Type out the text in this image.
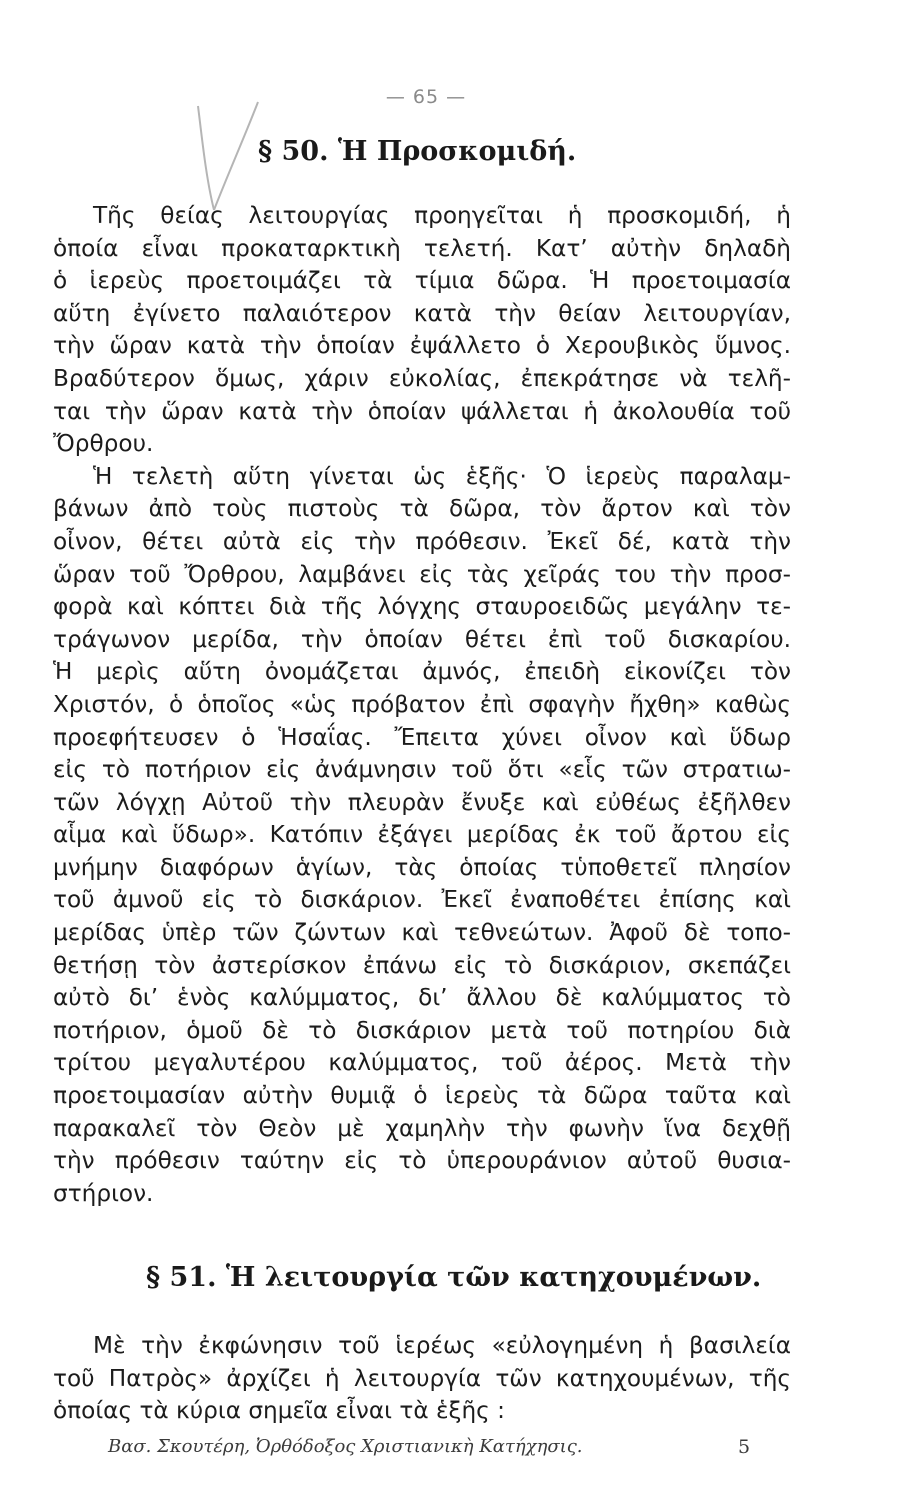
— 65 —
§ 50. Ἡ Προσκομιδή.
Τῆς θείας λειτουργίας προηγεῖται ἡ προσκομιδή, ἡ
ὁποία εἶναι προκαταρκτικὴ τελετή. Κατ’ αὐτὴν δηλαδὴ
ὁ ἱερεὺς προετοιμάζει τὰ τίμια δῶρα. Ἡ προετοιμασία
αὕτη ἐγίνετο παλαιότερον κατὰ τὴν θείαν λειτουργίαν,
τὴν ὥραν κατὰ τὴν ὁποίαν ἐψάλλετο ὁ Χερουβικὸς ὕμνος.
Βραδύτερον ὅμως, χάριν εὐκολίας, ἐπεκράτησε νὰ τελῆ-
ται τὴν ὥραν κατὰ τὴν ὁποίαν ψάλλεται ἡ ἀκολουθία τοῦ
Ὄρθρου.
Ἡ τελετὴ αὕτη γίνεται ὡς ἑξῆς· Ὁ ἱερεὺς παραλαμ-
βάνων ἀπὸ τοὺς πιστοὺς τὰ δῶρα, τὸν ἄρτον καὶ τὸν
οἶνον, θέτει αὐτὰ εἰς τὴν πρόθεσιν. Ἐκεῖ δέ, κατὰ τὴν
ὥραν τοῦ Ὄρθρου, λαμβάνει εἰς τὰς χεῖράς του τὴν προσ-
φορὰ καὶ κόπτει διὰ τῆς λόγχης σταυροειδῶς μεγάλην τε-
τράγωνον μερίδα, τὴν ὁποίαν θέτει ἐπὶ τοῦ δισκαρίου.
Ἡ μερὶς αὕτη ὀνομάζεται ἀμνός, ἐπειδὴ εἰκονίζει τὸν
Χριστόν, ὁ ὁποῖος «ὡς πρόβατον ἐπὶ σφαγὴν ἤχθη» καθὼς
προεφήτευσεν ὁ Ἡσαΐας. Ἔπειτα χύνει οἶνον καὶ ὕδωρ
εἰς τὸ ποτήριον εἰς ἀνάμνησιν τοῦ ὅτι «εἷς τῶν στρατιω-
τῶν λόγχῃ Αὐτοῦ τὴν πλευρὰν ἔνυξε καὶ εὐθέως ἐξῆλθεν
αἷμα καὶ ὕδωρ». Κατόπιν ἐξάγει μερίδας ἐκ τοῦ ἄρτου εἰς
μνήμην διαφόρων ἁγίων, τὰς ὁποίας τὑποθετεῖ πλησίον
τοῦ ἀμνοῦ εἰς τὸ δισκάριον. Ἐκεῖ ἐναποθέτει ἐπίσης καὶ
μερίδας ὑπὲρ τῶν ζώντων καὶ τεθνεώτων. Ἀφοῦ δὲ τοπο-
θετήσῃ τὸν ἀστερίσκον ἐπάνω εἰς τὸ δισκάριον, σκεπάζει
αὐτὸ δι’ ἑνὸς καλύμματος, δι’ ἄλλου δὲ καλύμματος τὸ
ποτήριον, ὁμοῦ δὲ τὸ δισκάριον μετὰ τοῦ ποτηρίου διὰ
τρίτου μεγαλυτέρου καλύμματος, τοῦ ἀέρος. Μετὰ τὴν
προετοιμασίαν αὐτὴν θυμιᾷ ὁ ἱερεὺς τὰ δῶρα ταῦτα καὶ
παρακαλεῖ τὸν Θεὸν μὲ χαμηλὴν τὴν φωνὴν ἵνα δεχθῇ
τὴν πρόθεσιν ταύτην εἰς τὸ ὑπερουράνιον αὐτοῦ θυσια-
στήριον.
§ 51. Ἡ λειτουργία τῶν κατηχουμένων.
Μὲ τὴν ἐκφώνησιν τοῦ ἱερέως «εὐλογημένη ἡ βασιλεία
τοῦ Πατρὸς» ἀρχίζει ἡ λειτουργία τῶν κατηχουμένων, τῆς
ὁποίας τὰ κύρια σημεῖα εἶναι τὰ ἑξῆς :
Βασ. Σκουτέρη, Ὀρθόδοξος Χριστιανικὴ Κατήχησις.	5
